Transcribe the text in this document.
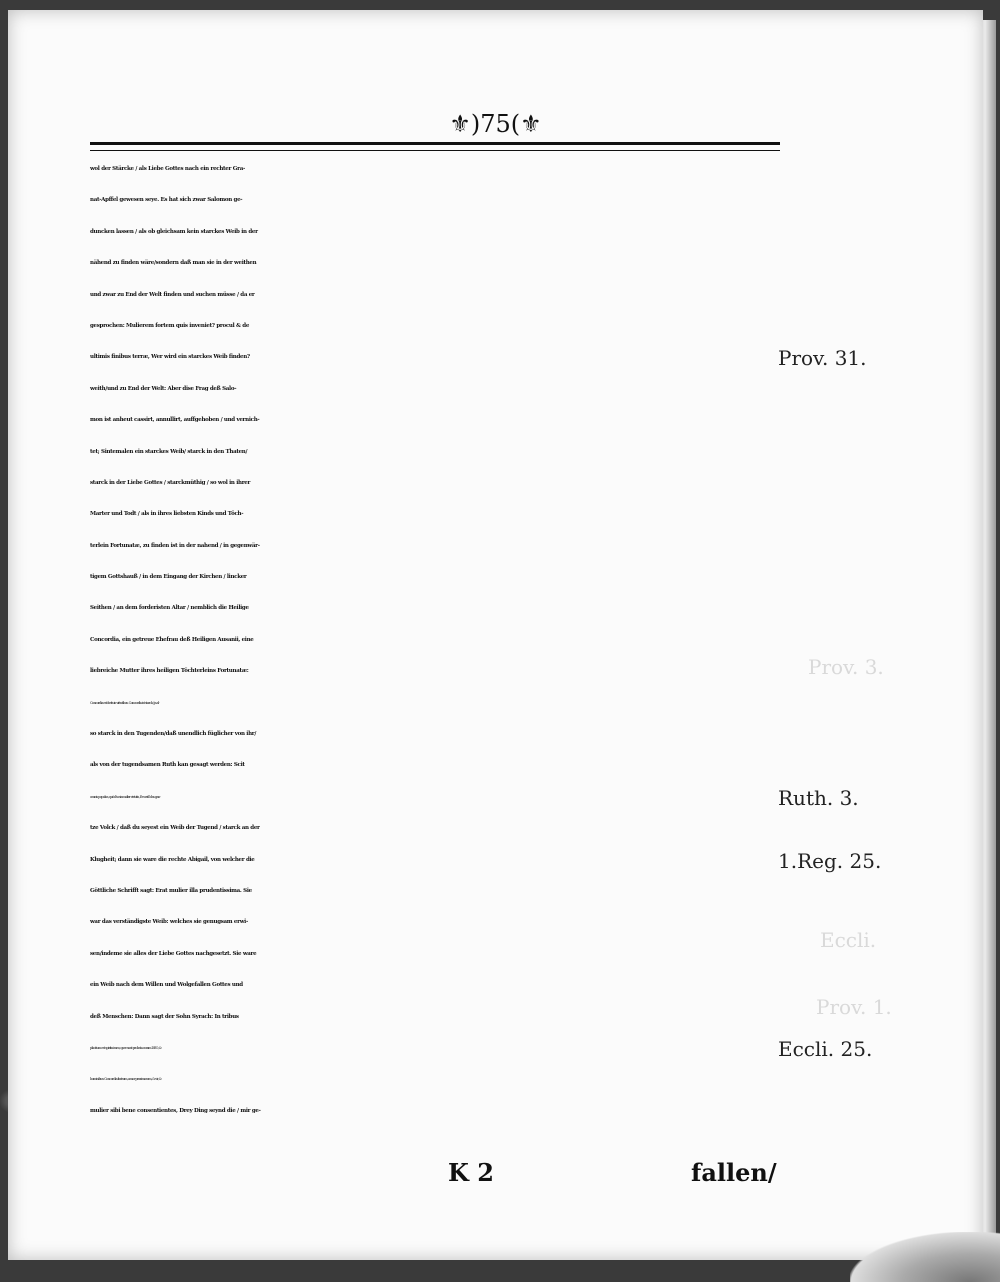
⚜)75(⚜
Prov. 3.
Eccli.
Prov. 1.
wol der Stärcke / als Liebe Gottes nach ein rechter Gra-
nat-Apffel gewesen seye. Es hat sich zwar Salomon ge-
duncken lassen / als ob gleichsam kein starckes Weib in der
nähend zu finden wäre/sondern daß man sie in der weithen
und zwar zu End der Welt finden und suchen müsse / da er
gesprochen: Mulierem fortem quis inveniet? procul & de
ultimis finibus terræ, Wer wird ein starckes Weib finden?
weith/und zu End der Welt: Aber dise Frag deß Salo-
mon ist anheut cassirt, annullirt, auffgehoben / und vernich-
tet; Sintemalen ein starckes Weib/ starck in den Thaten/
starck in der Liebe Gottes / starckmüthig / so wol in ihrer
Marter und Todt / als in ihres liebsten Kinds und Töch-
terlein Fortunatæ, zu finden ist in der nahend / in gegenwär-
tigem Gottshauß / in dem Eingang der Kirchen / lincker
Seithen / an dem forderisten Altar / nemblich die Heilige
Concordia, ein getreue Ehefrau deß Heiligen Ausanii, eine
liebreiche Mutter ihres heiligen Töchterleins Fortunatæ:
Concordia est fortis in virtutibus. Concordia ist starck / ja al-
so starck in den Tugenden/daß unendlich füglicher von ihr/
als von der tugendsamen Ruth kan gesagt werden: Scit
omnis populus, quòd tu sis mulier virtutis, Es weiß das gan-
tze Volck / daß du seyest ein Weib der Tugend / starck an der
Klugheit; dann sie ware die rechte Abigail, von welcher die
Göttliche Schrifft sagt: Erat mulier illa prudentissima. Sie
war das verständigste Weib: welches sie genugsam erwi-
sen/indeme sie alles der Liebe Gottes nachgesetzt. Sie ware
ein Weib nach dem Willen und Wolgefallen Gottes und
deß Menschen: Dann sagt der Sohn Syrach: In tribus
placitum est spiritui meo, quæ sunt probata coram DEO, &
hominibus: Concordia fratrum, amor proximorum, & vir, &
mulier sibi bene consentientes, Drey Ding seynd die / mir ge-
Prov. 31.
Ruth. 3.
1.Reg. 25.
Eccli. 25.
K 2	fallen/
